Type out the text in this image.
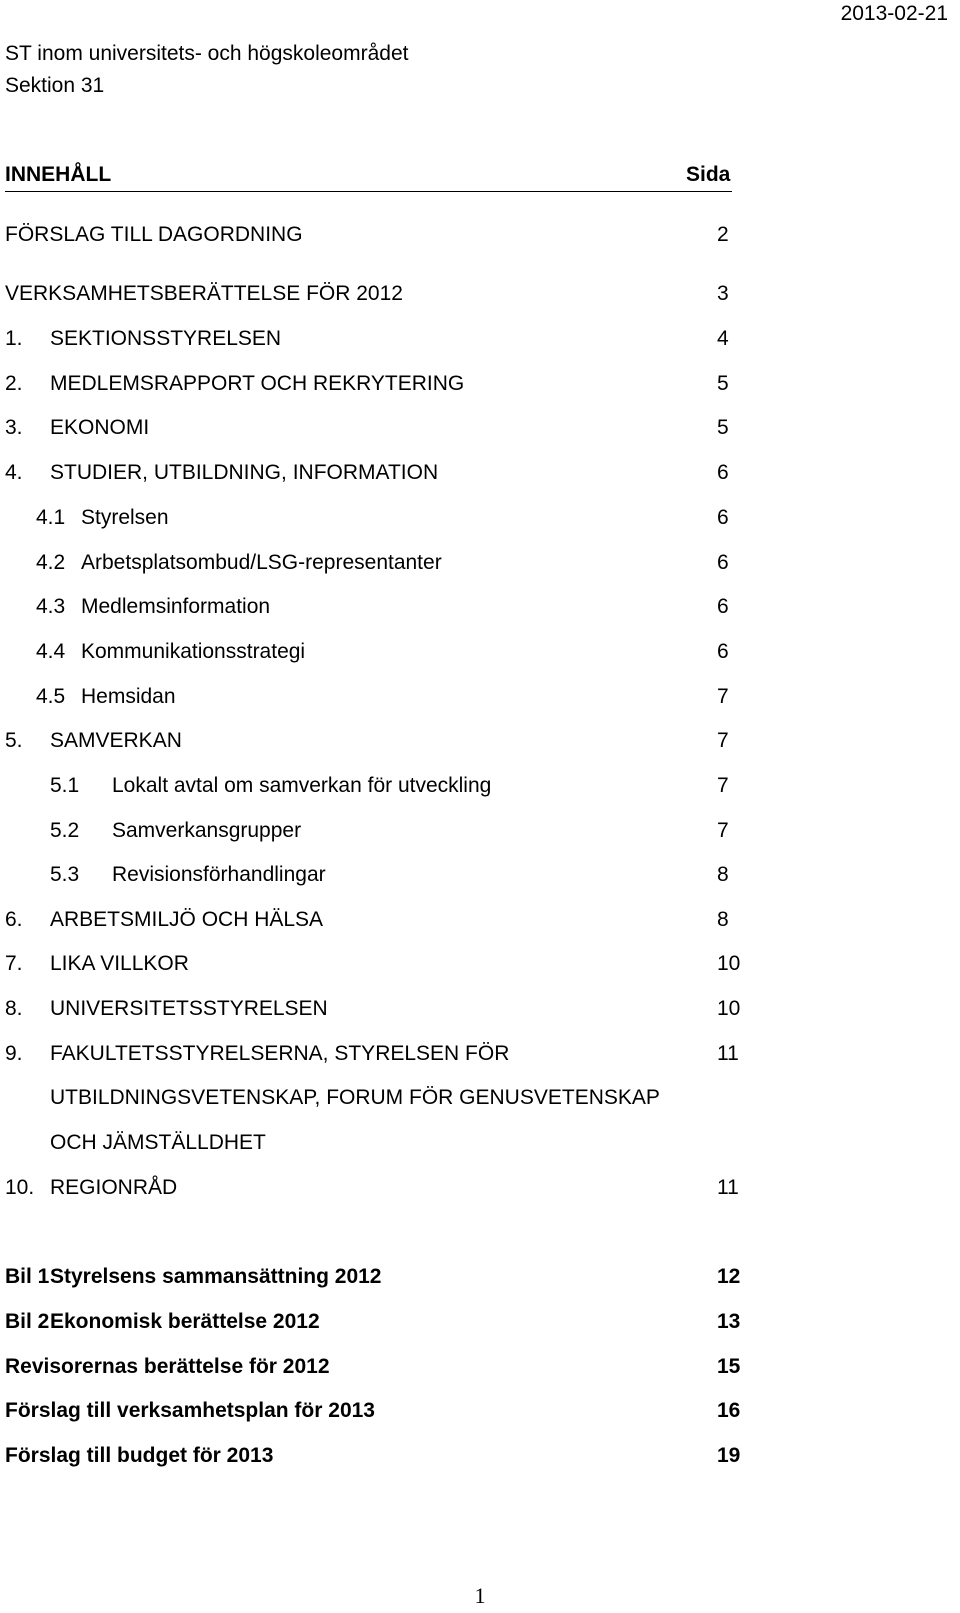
2013-02-21
ST inom universitets- och högskoleområdet
Sektion 31
INNEHÅLL	Sida
FÖRSLAG TILL DAGORDNING	2
VERKSAMHETSBERÄTTELSE FÖR 2012	3
1. SEKTIONSSTYRELSEN	4
2. MEDLEMSRAPPORT OCH REKRYTERING	5
3. EKONOMI	5
4. STUDIER, UTBILDNING, INFORMATION	6
4.1 Styrelsen	6
4.2 Arbetsplatsombud/LSG-representanter	6
4.3 Medlemsinformation	6
4.4 Kommunikationsstrategi	6
4.5 Hemsidan	7
5. SAMVERKAN	7
5.1 Lokalt avtal om samverkan för utveckling	7
5.2 Samverkansgrupper	7
5.3 Revisionsförhandlingar	8
6. ARBETSMILJÖ OCH HÄLSA	8
7. LIKA VILLKOR	10
8. UNIVERSITETSSTYRELSEN	10
9. FAKULTETSSTYRELSERNA, STYRELSEN FÖR	11
UTBILDNINGSVETENSKAP, FORUM FÖR GENUSVETENSKAP
OCH JÄMSTÄLLDHET
10. REGIONRÅD	11
Bil 1 Styrelsens sammansättning 2012	12
Bil 2 Ekonomisk berättelse 2012	13
Revisorernas berättelse för 2012	15
Förslag till verksamhetsplan för 2013	16
Förslag till budget för 2013	19
1
